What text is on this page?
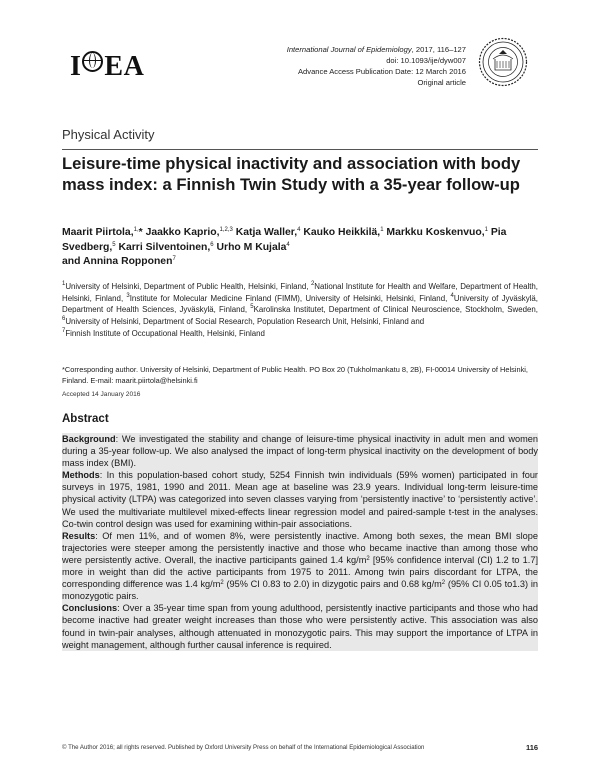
I EA
International Journal of Epidemiology, 2017, 116–127
doi: 10.1093/ije/dyw007
Advance Access Publication Date: 12 March 2016
Original article
Physical Activity
Leisure-time physical inactivity and association with body mass index: a Finnish Twin Study with a 35-year follow-up

Maarit Piirtola,$^{1,}$* Jaakko Kaprio,$^{1,2,3}$ Katja Waller,$^4$ Kauko Heikkilä,$^1$ Markku Koskenvuo,$^1$ Pia Svedberg,$^5$ Karri Silventoinen,$^6$ Urho M Kujala$^4$
and Annina Ropponen$^7$

$^1$University of Helsinki, Department of Public Health, Helsinki, Finland, $^2$National Institute for Health and Welfare, Department of Health, Helsinki, Finland, $^3$Institute for Molecular Medicine Finland (FIMM), University of Helsinki, Helsinki, Finland, $^4$University of Jyväskylä, Department of Health Sciences, Jyväskylä, Finland, $^5$Karolinska Institutet, Department of Clinical Neuroscience, Stockholm, Sweden, $^6$University of Helsinki, Department of Social Research, Population Research Unit, Helsinki, Finland and
$^7$Finnish Institute of Occupational Health, Helsinki, Finland
*Corresponding author. University of Helsinki, Department of Public Health. PO Box 20 (Tukholmankatu 8, 2B), FI-00014 University of Helsinki, Finland. E-mail: maarit.piirtola@helsinki.fi
Accepted 14 January 2016
Abstract

Background: We investigated the stability and change of leisure-time physical inactivity in adult men and women during a 35-year follow-up. We also analysed the impact of long-term physical inactivity on the development of body mass index (BMI).

Methods: In this population-based cohort study, 5254 Finnish twin individuals (59% women) participated in four surveys in 1975, 1981, 1990 and 2011. Mean age at baseline was 23.9 years. Individual long-term leisure-time physical activity (LTPA) was categorized into seven classes varying from ‘persistently inactive’ to ‘persistently active’. We used the multivariate multilevel mixed-effects linear regression model and paired-sample t-test in the analyses. Co-twin control design was used for examining within-pair associations.

Results: Of men 11%, and of women 8%, were persistently inactive. Among both sexes, the mean BMI slope trajectories were steeper among the persistently inactive and those who became inactive than among those who were persistently active. Overall, the inactive participants gained 1.4 $kg/m^2$ [95% confidence interval (CI) 1.2 to 1.7] more in weight than did the active participants from 1975 to 2011. Among twin pairs discordant for LTPA, the corresponding difference was 1.4 $kg/m^2$ (95% CI 0.83 to 2.0) in dizygotic pairs and 0.68 $kg/m^2$ (95% CI 0.05 to1.3) in monozygotic pairs.

Conclusions: Over a 35-year time span from young adulthood, persistently inactive participants and those who had become inactive had greater weight increases than those who were persistently active. This association was also found in twin-pair analyses, although attenuated in monozygotic pairs. This may support the importance of LTPA in weight management, although further causal inference is required.

© The Author 2016; all rights reserved. Published by Oxford University Press on behalf of the International Epidemiological Association	116
